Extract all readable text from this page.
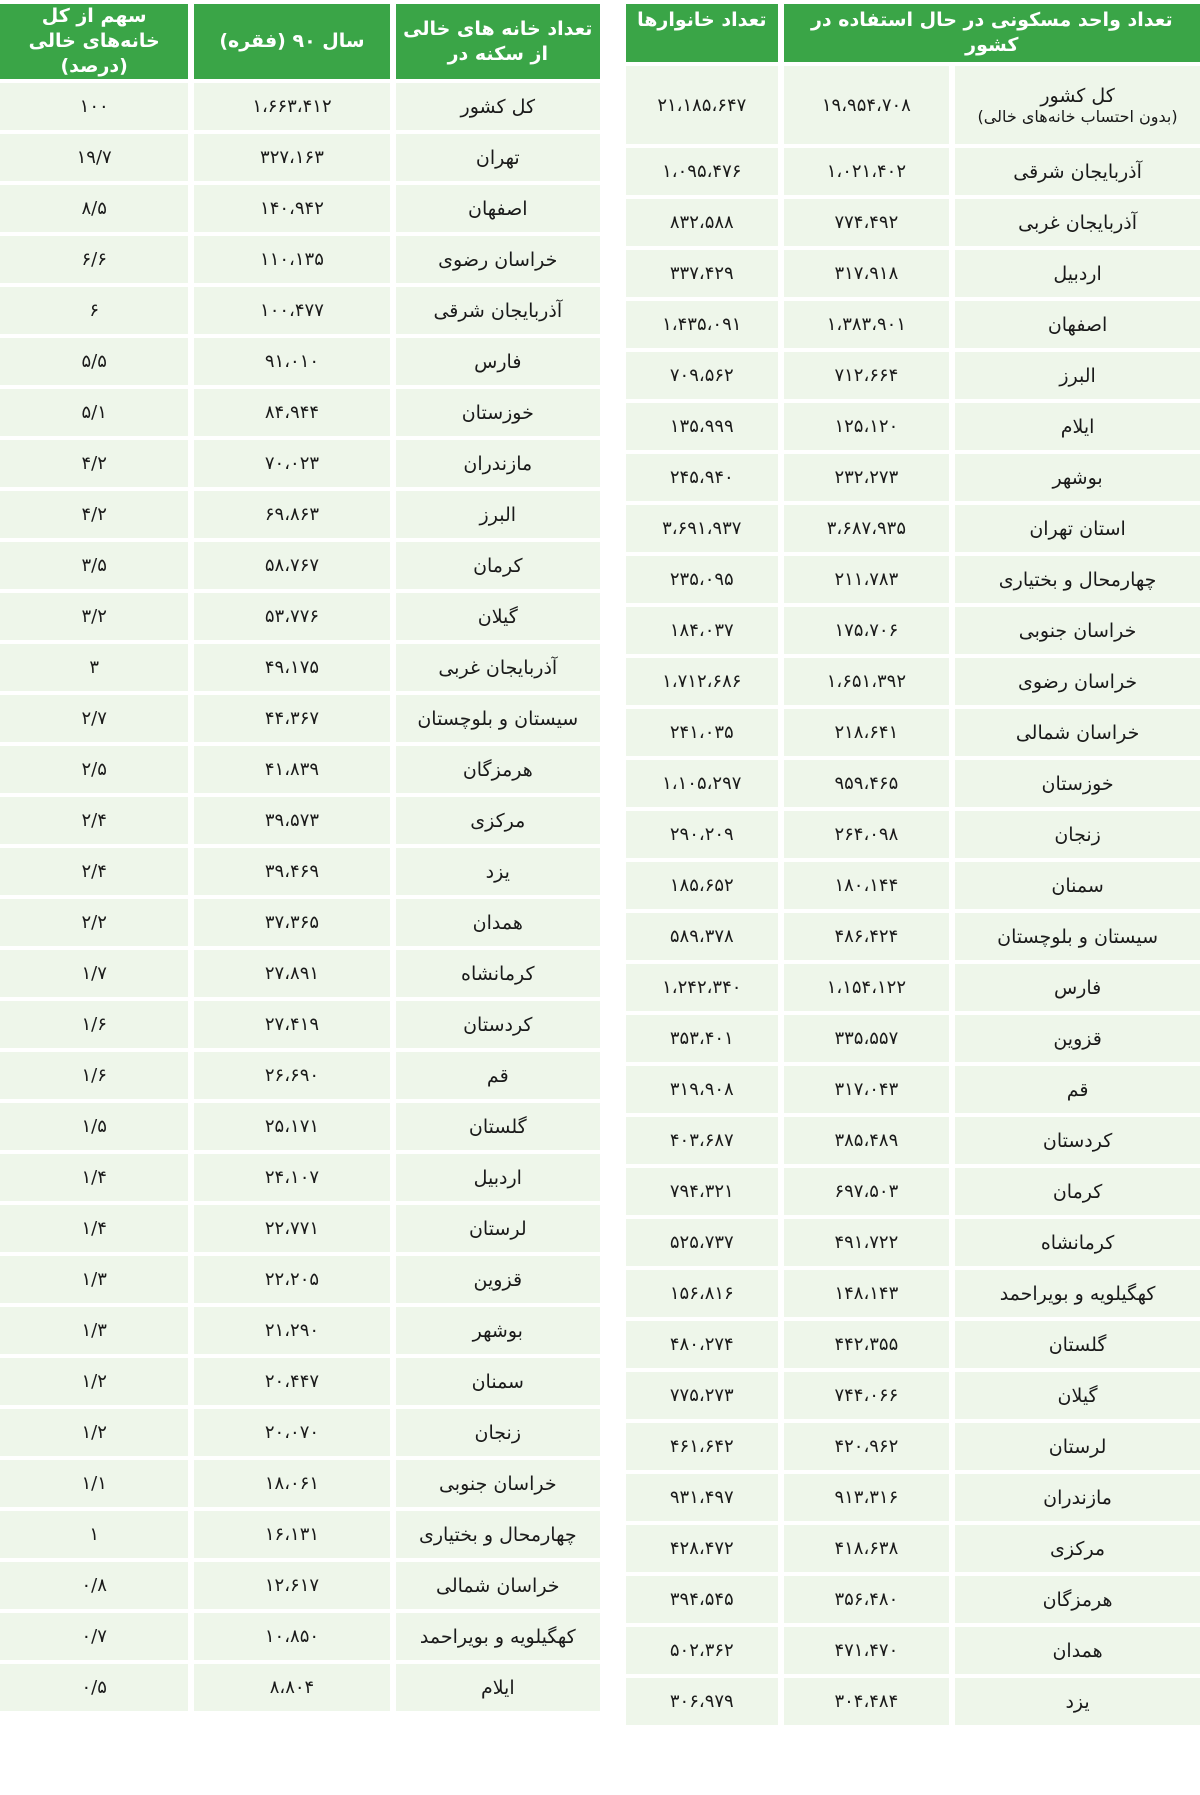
تعداد خانه های خالی از سکنه در	سال ۹۰ (فقره)	سهم از کل خانه‌های خالی (درصد)
کل کشور	۱،۶۶۳،۴۱۲	۱۰۰
تهران	۳۲۷،۱۶۳	۱۹/۷
اصفهان	۱۴۰،۹۴۲	۸/۵
خراسان رضوی	۱۱۰،۱۳۵	۶/۶
آذربایجان شرقی	۱۰۰،۴۷۷	۶
فارس	۹۱،۰۱۰	۵/۵
خوزستان	۸۴،۹۴۴	۵/۱
مازندران	۷۰،۰۲۳	۴/۲
البرز	۶۹،۸۶۳	۴/۲
کرمان	۵۸،۷۶۷	۳/۵
گیلان	۵۳،۷۷۶	۳/۲
آذربایجان غربی	۴۹،۱۷۵	۳
سیستان و بلوچستان	۴۴،۳۶۷	۲/۷
هرمزگان	۴۱،۸۳۹	۲/۵
مرکزی	۳۹،۵۷۳	۲/۴
یزد	۳۹،۴۶۹	۲/۴
همدان	۳۷،۳۶۵	۲/۲
کرمانشاه	۲۷،۸۹۱	۱/۷
کردستان	۲۷،۴۱۹	۱/۶
قم	۲۶،۶۹۰	۱/۶
گلستان	۲۵،۱۷۱	۱/۵
اردبیل	۲۴،۱۰۷	۱/۴
لرستان	۲۲،۷۷۱	۱/۴
قزوین	۲۲،۲۰۵	۱/۳
بوشهر	۲۱،۲۹۰	۱/۳
سمنان	۲۰،۴۴۷	۱/۲
زنجان	۲۰،۰۷۰	۱/۲
خراسان جنوبی	۱۸،۰۶۱	۱/۱
چهارمحال و بختیاری	۱۶،۱۳۱	۱
خراسان شمالی	۱۲،۶۱۷	۰/۸
کهگیلویه و بویراحمد	۱۰،۸۵۰	۰/۷
ایلام	۸،۸۰۴	۰/۵
تعداد واحد مسکونی در حال استفاده در کشور		تعداد خانوارها
کل کشور
(بدون احتساب خانه‌های خالی)	۱۹،۹۵۴،۷۰۸	۲۱،۱۸۵،۶۴۷
آذربایجان شرقی	۱،۰۲۱،۴۰۲	۱،۰۹۵،۴۷۶
آذربایجان غربی	۷۷۴،۴۹۲	۸۳۲،۵۸۸
اردبیل	۳۱۷،۹۱۸	۳۳۷،۴۲۹
اصفهان	۱،۳۸۳،۹۰۱	۱،۴۳۵،۰۹۱
البرز	۷۱۲،۶۶۴	۷۰۹،۵۶۲
ایلام	۱۲۵،۱۲۰	۱۳۵،۹۹۹
بوشهر	۲۳۲،۲۷۳	۲۴۵،۹۴۰
استان تهران	۳،۶۸۷،۹۳۵	۳،۶۹۱،۹۳۷
چهارمحال و بختیاری	۲۱۱،۷۸۳	۲۳۵،۰۹۵
خراسان جنوبی	۱۷۵،۷۰۶	۱۸۴،۰۳۷
خراسان رضوی	۱،۶۵۱،۳۹۲	۱،۷۱۲،۶۸۶
خراسان شمالی	۲۱۸،۶۴۱	۲۴۱،۰۳۵
خوزستان	۹۵۹،۴۶۵	۱،۱۰۵،۲۹۷
زنجان	۲۶۴،۰۹۸	۲۹۰،۲۰۹
سمنان	۱۸۰،۱۴۴	۱۸۵،۶۵۲
سیستان و بلوچستان	۴۸۶،۴۲۴	۵۸۹،۳۷۸
فارس	۱،۱۵۴،۱۲۲	۱،۲۴۲،۳۴۰
قزوین	۳۳۵،۵۵۷	۳۵۳،۴۰۱
قم	۳۱۷،۰۴۳	۳۱۹،۹۰۸
کردستان	۳۸۵،۴۸۹	۴۰۳،۶۸۷
کرمان	۶۹۷،۵۰۳	۷۹۴،۳۲۱
کرمانشاه	۴۹۱،۷۲۲	۵۲۵،۷۳۷
کهگیلویه و بویراحمد	۱۴۸،۱۴۳	۱۵۶،۸۱۶
گلستان	۴۴۲،۳۵۵	۴۸۰،۲۷۴
گیلان	۷۴۴،۰۶۶	۷۷۵،۲۷۳
لرستان	۴۲۰،۹۶۲	۴۶۱،۶۴۲
مازندران	۹۱۳،۳۱۶	۹۳۱،۴۹۷
مرکزی	۴۱۸،۶۳۸	۴۲۸،۴۷۲
هرمزگان	۳۵۶،۴۸۰	۳۹۴،۵۴۵
همدان	۴۷۱،۴۷۰	۵۰۲،۳۶۲
یزد	۳۰۴،۴۸۴	۳۰۶،۹۷۹
